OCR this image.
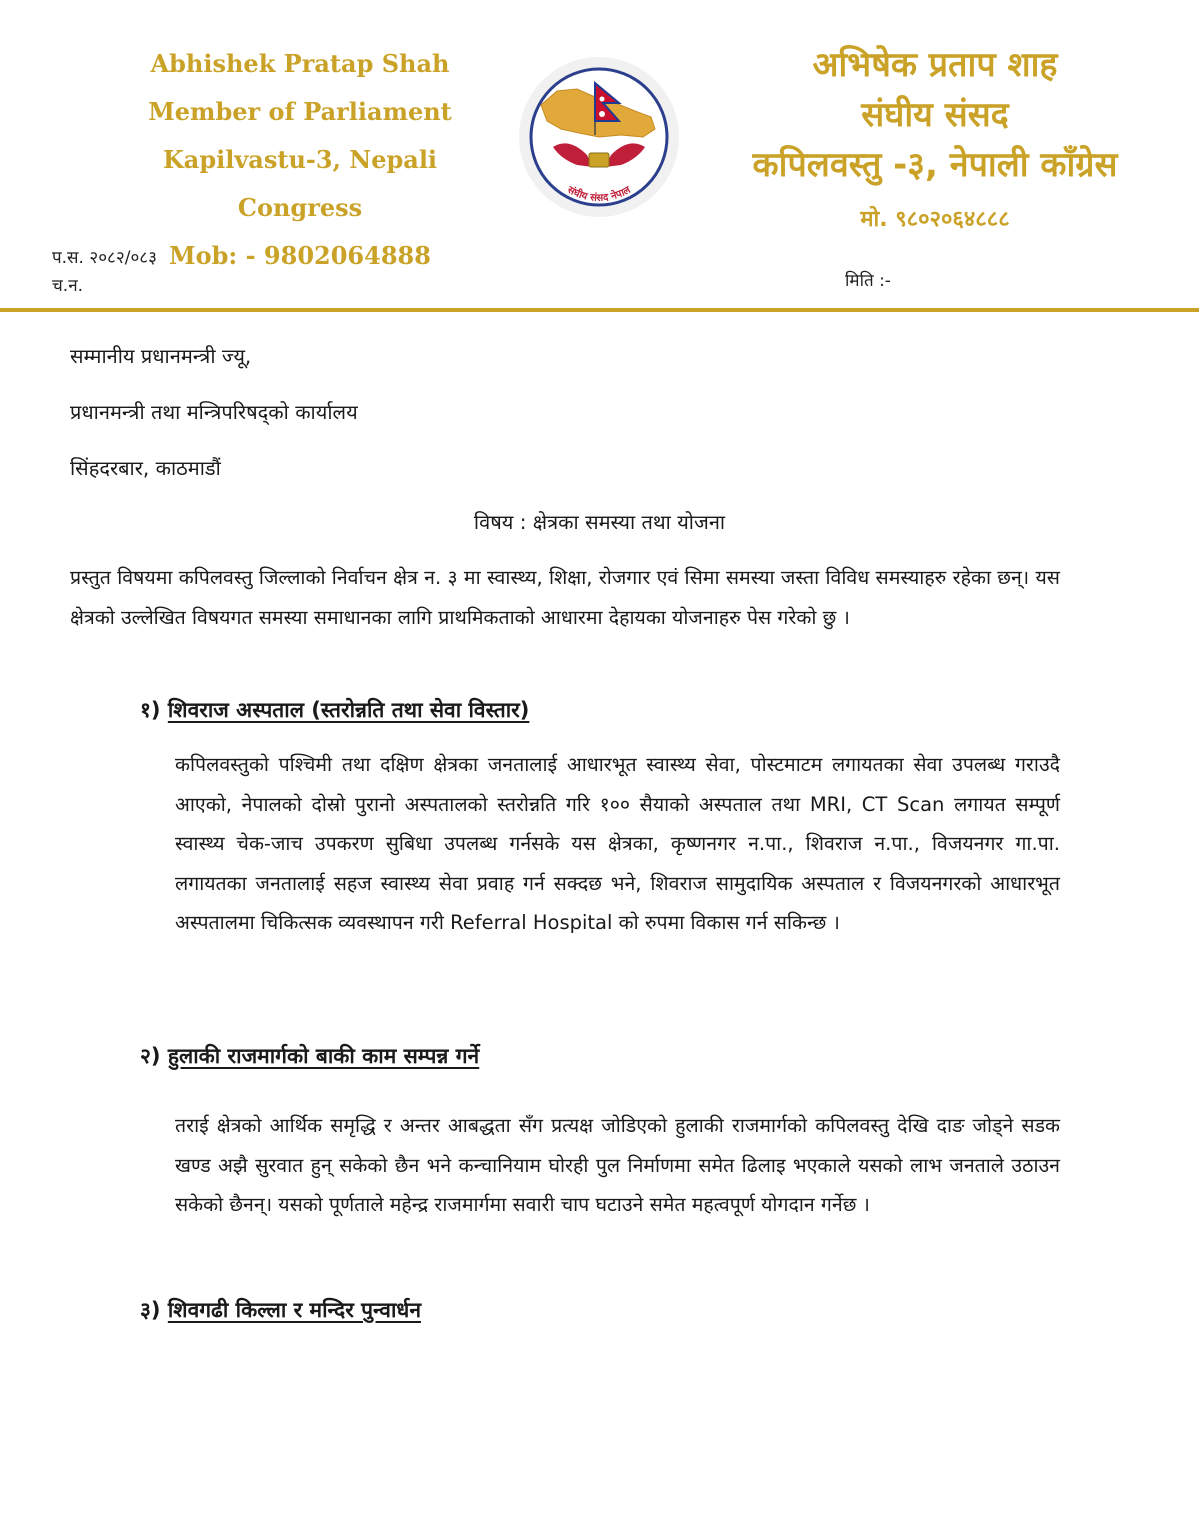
Abhishek Pratap Shah
Member of Parliament
Kapilvastu-3, Nepali Congress
Mob: - 9802064888
संघीय संसद नेपाल
अभिषेक प्रताप शाह
संघीय संसद
कपिलवस्तु -३, नेपाली काँग्रेस
मो. ९८०२०६४८८८
प.स. २०८२/०८३
च.न.	मिति :-
सम्मानीय प्रधानमन्त्री ज्यू,
प्रधानमन्त्री तथा मन्त्रिपरिषद्‌को कार्यालय
सिंहदरबार, काठमाडौं
विषय : क्षेत्रका समस्या तथा योजना
प्रस्तुत विषयमा कपिलवस्तु जिल्लाको निर्वाचन क्षेत्र न. ३ मा स्वास्थ्य, शिक्षा, रोजगार एवं सिमा समस्या जस्ता विविध समस्याहरु रहेका छन्। यस क्षेत्रको उल्लेखित विषयगत समस्या समाधानका लागि प्राथमिकताको आधारमा देहायका योजनाहरु पेस गरेको छु ।
१) शिवराज अस्पताल (स्तरोन्नति तथा सेवा विस्तार)
कपिलवस्तुको पश्चिमी तथा दक्षिण क्षेत्रका जनतालाई आधारभूत स्वास्थ्य सेवा, पोस्टमाटम लगायतका सेवा उपलब्ध गराउदै आएको, नेपालको दोस्रो पुरानो अस्पतालको स्तरोन्नति गरि १०० सैयाको अस्पताल तथा MRI, CT Scan लगायत सम्पूर्ण स्वास्थ्य चेक-जाच उपकरण सुबिधा उपलब्ध गर्नसके यस क्षेत्रका, कृष्णनगर न.पा., शिवराज न.पा., विजयनगर गा.पा. लगायतका जनतालाई सहज स्वास्थ्य सेवा प्रवाह गर्न सक्दछ भने, शिवराज सामुदायिक अस्पताल र विजयनगरको आधारभूत अस्पतालमा चिकित्सक व्यवस्थापन गरी Referral Hospital को रुपमा विकास गर्न सकिन्छ ।
२) हुलाकी राजमार्गको बाकी काम सम्पन्न गर्ने
तराई क्षेत्रको आर्थिक समृद्धि र अन्तर आबद्धता सँग प्रत्यक्ष जोडिएको हुलाकी राजमार्गको कपिलवस्तु देखि दाङ जोड्ने सडक खण्ड अझै सुरवात हुन् सकेको छैन भने कन्चानियाम घोरही पुल निर्माणमा समेत ढिलाइ भएकाले यसको लाभ जनताले उठाउन सकेको छैनन्। यसको पूर्णताले महेन्द्र राजमार्गमा सवारी चाप घटाउने समेत महत्वपूर्ण योगदान गर्नेछ ।
३) शिवगढी किल्ला र मन्दिर पुन्वार्धन
